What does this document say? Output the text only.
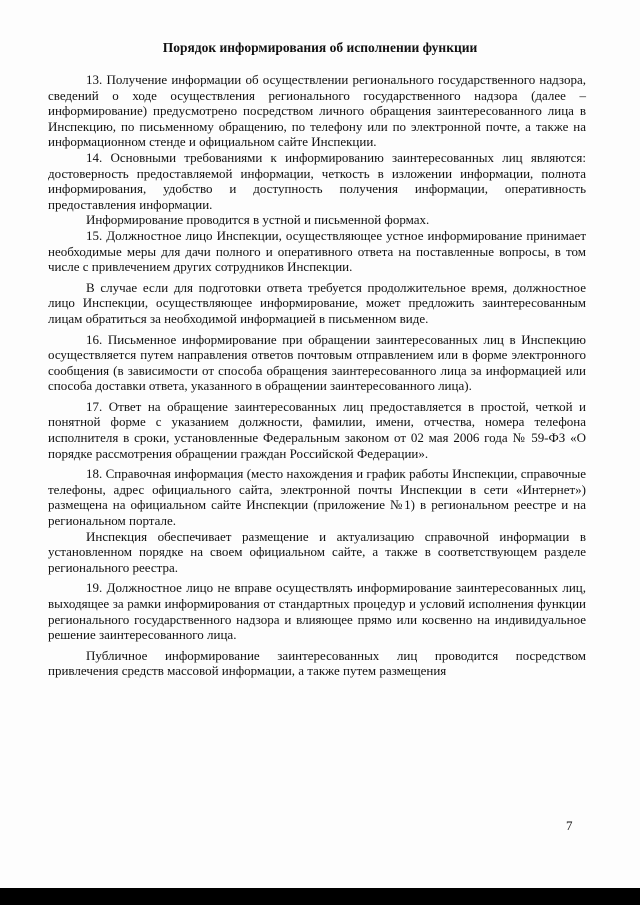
Порядок информирования об исполнении функции

13. Получение информации об осуществлении регионального государственного надзора, сведений о ходе осуществления регионального государственного надзора (далее – информирование) предусмотрено посредством личного обращения заинтересованного лица в Инспекцию, по письменному обращению, по телефону или по электронной почте, а также на информационном стенде и официальном сайте Инспекции.

14. Основными требованиями к информированию заинтересованных лиц являются: достоверность предоставляемой информации, четкость в изложении информации, полнота информирования, удобство и доступность получения информации, оперативность предоставления информации.

Информирование проводится в устной и письменной формах.

15. Должностное лицо Инспекции, осуществляющее устное информирование принимает необходимые меры для дачи полного и оперативного ответа на поставленные вопросы, в том числе с привлечением других сотрудников Инспекции.

В случае если для подготовки ответа требуется продолжительное время, должностное лицо Инспекции, осуществляющее информирование, может предложить заинтересованным лицам обратиться за необходимой информацией в письменном виде.

16. Письменное информирование при обращении заинтересованных лиц в Инспекцию осуществляется путем направления ответов почтовым отправлением или в форме электронного сообщения (в зависимости от способа обращения заинтересованного лица за информацией или способа доставки ответа, указанного в обращении заинтересованного лица).

17. Ответ на обращение заинтересованных лиц предоставляется в простой, четкой и понятной форме с указанием должности, фамилии, имени, отчества, номера телефона исполнителя в сроки, установленные Федеральным законом от 02 мая 2006 года № 59-ФЗ «О порядке рассмотрения обращении граждан Российской Федерации».

18. Справочная информация (место нахождения и график работы Инспекции, справочные телефоны, адрес официального сайта, электронной почты Инспекции в сети «Интернет») размещена на официальном сайте Инспекции (приложение №1) в региональном реестре и на региональном портале.

Инспекция обеспечивает размещение и актуализацию справочной информации в установленном порядке на своем официальном сайте, а также в соответствующем разделе регионального реестра.

19. Должностное лицо не вправе осуществлять информирование заинтересованных лиц, выходящее за рамки информирования от стандартных процедур и условий исполнения функции регионального государственного надзора и влияющее прямо или косвенно на индивидуальное решение заинтересованного лица.

Публичное информирование заинтересованных лиц проводится посредством привлечения средств массовой информации, а также путем размещения

7
